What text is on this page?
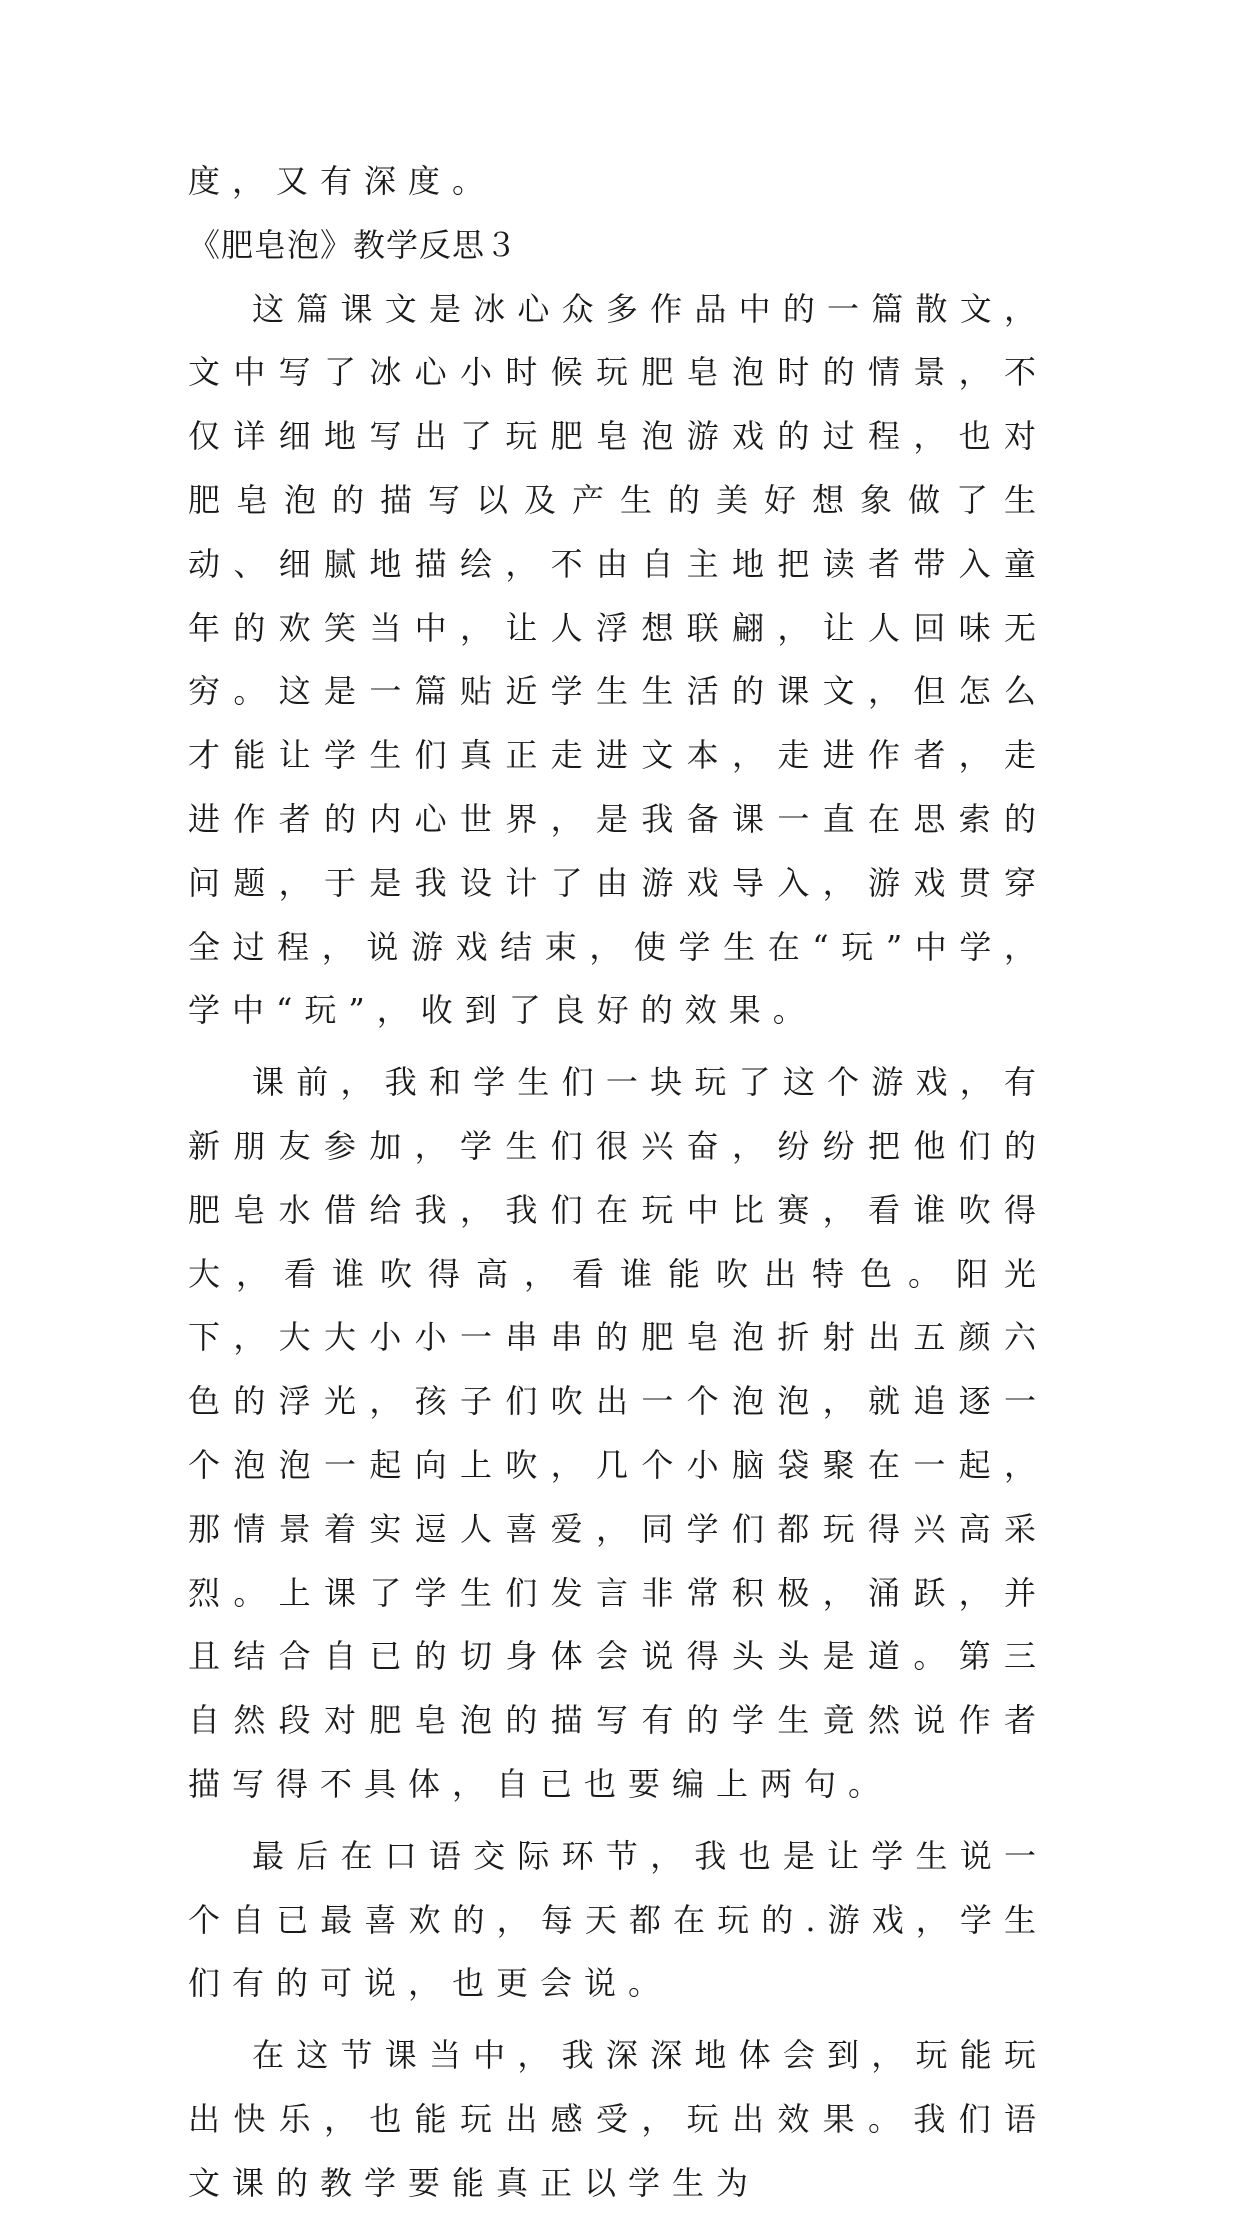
度，又有深度。
《肥皂泡》教学反思３

这篇课文是冰心众多作品中的一篇散文，文中写了冰心小时候玩肥皂泡时的情景，不仅详细地写出了玩肥皂泡游戏的过程，也对肥皂泡的描写以及产生的美好想象做了生动、细腻地描绘，不由自主地把读者带入童年的欢笑当中，让人浮想联翩，让人回味无穷。这是一篇贴近学生生活的课文，但怎么才能让学生们真正走进文本，走进作者，走进作者的内心世界，是我备课一直在思索的问题，于是我设计了由游戏导入，游戏贯穿全过程，说游戏结束，使学生在“玩”中学，学中“玩”，收到了良好的效果。

课前，我和学生们一块玩了这个游戏，有新朋友参加，学生们很兴奋，纷纷把他们的肥皂水借给我，我们在玩中比赛，看谁吹得大，看谁吹得高，看谁能吹出特色。阳光下，大大小小一串串的肥皂泡折射出五颜六色的浮光，孩子们吹出一个泡泡，就追逐一个泡泡一起向上吹，几个小脑袋聚在一起，那情景着实逗人喜爱，同学们都玩得兴高采烈。上课了学生们发言非常积极，涌跃，并且结合自已的切身体会说得头头是道。第三自然段对肥皂泡的描写有的学生竟然说作者描写得不具体，自已也要编上两句。

最后在口语交际环节，我也是让学生说一个自已最喜欢的，每天都在玩的.游戏，学生们有的可说，也更会说。

在这节课当中，我深深地体会到，玩能玩出快乐，也能玩出感受，玩出效果。我们语文课的教学要能真正以学生为
